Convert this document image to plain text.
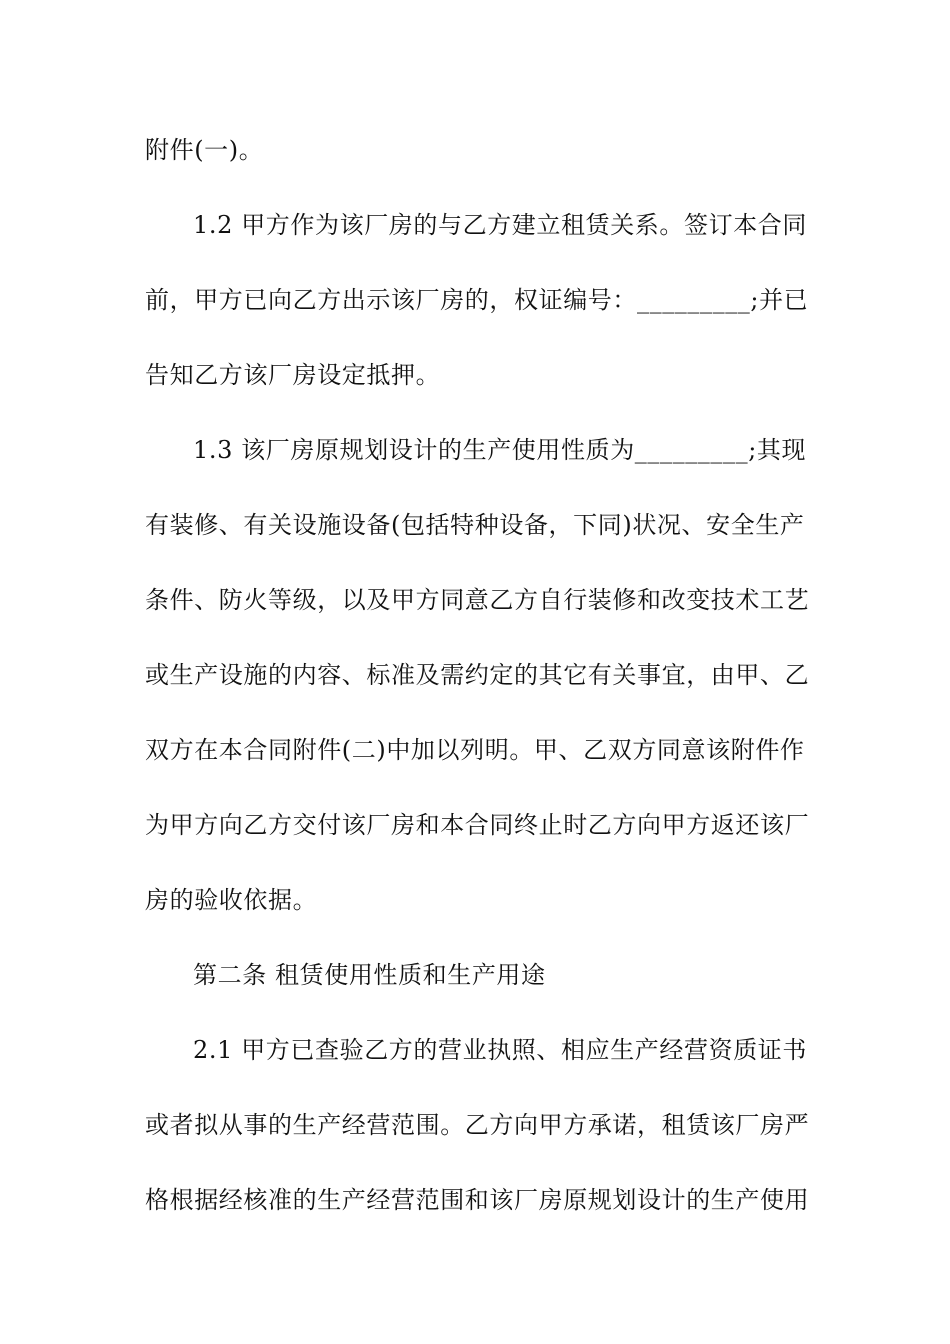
附件(一)。
1.2 甲方作为该厂房的与乙方建立租赁关系。签订本合同
前，甲方已向乙方出示该厂房的，权证编号：_________;并已
告知乙方该厂房设定抵押。
1.3 该厂房原规划设计的生产使用性质为_________;其现
有装修、有关设施设备(包括特种设备，下同)状况、安全生产
条件、防火等级，以及甲方同意乙方自行装修和改变技术工艺
或生产设施的内容、标准及需约定的其它有关事宜，由甲、乙
双方在本合同附件(二)中加以列明。甲、乙双方同意该附件作
为甲方向乙方交付该厂房和本合同终止时乙方向甲方返还该厂
房的验收依据。
第二条 租赁使用性质和生产用途
2.1 甲方已查验乙方的营业执照、相应生产经营资质证书
或者拟从事的生产经营范围。乙方向甲方承诺，租赁该厂房严
格根据经核准的生产经营范围和该厂房原规划设计的生产使用
